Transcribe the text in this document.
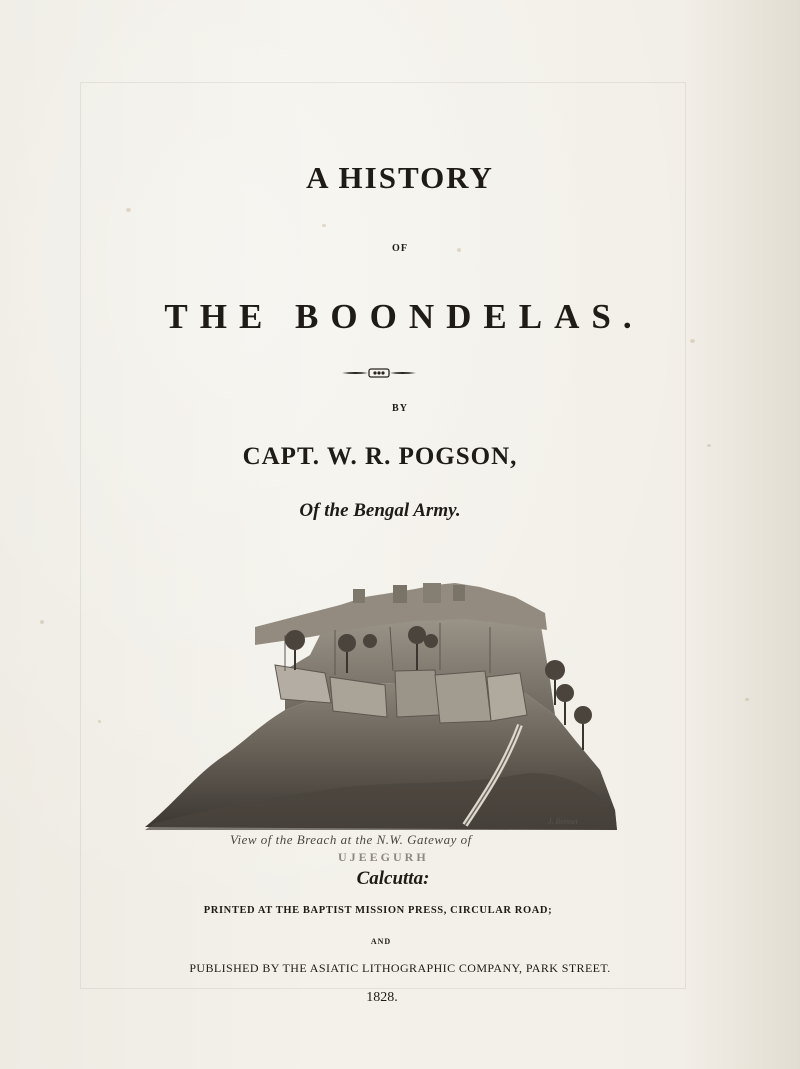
A HISTORY
OF
THE BOONDELAS.
BY
CAPT. W. R. POGSON,
Of the Bengal Army.
J. Bennet
View of the Breach at the N.W. Gateway of
UJEEGURH
Calcutta:
PRINTED AT THE BAPTIST MISSION PRESS, CIRCULAR ROAD;
AND
PUBLISHED BY THE ASIATIC LITHOGRAPHIC COMPANY, PARK STREET.
1828.
